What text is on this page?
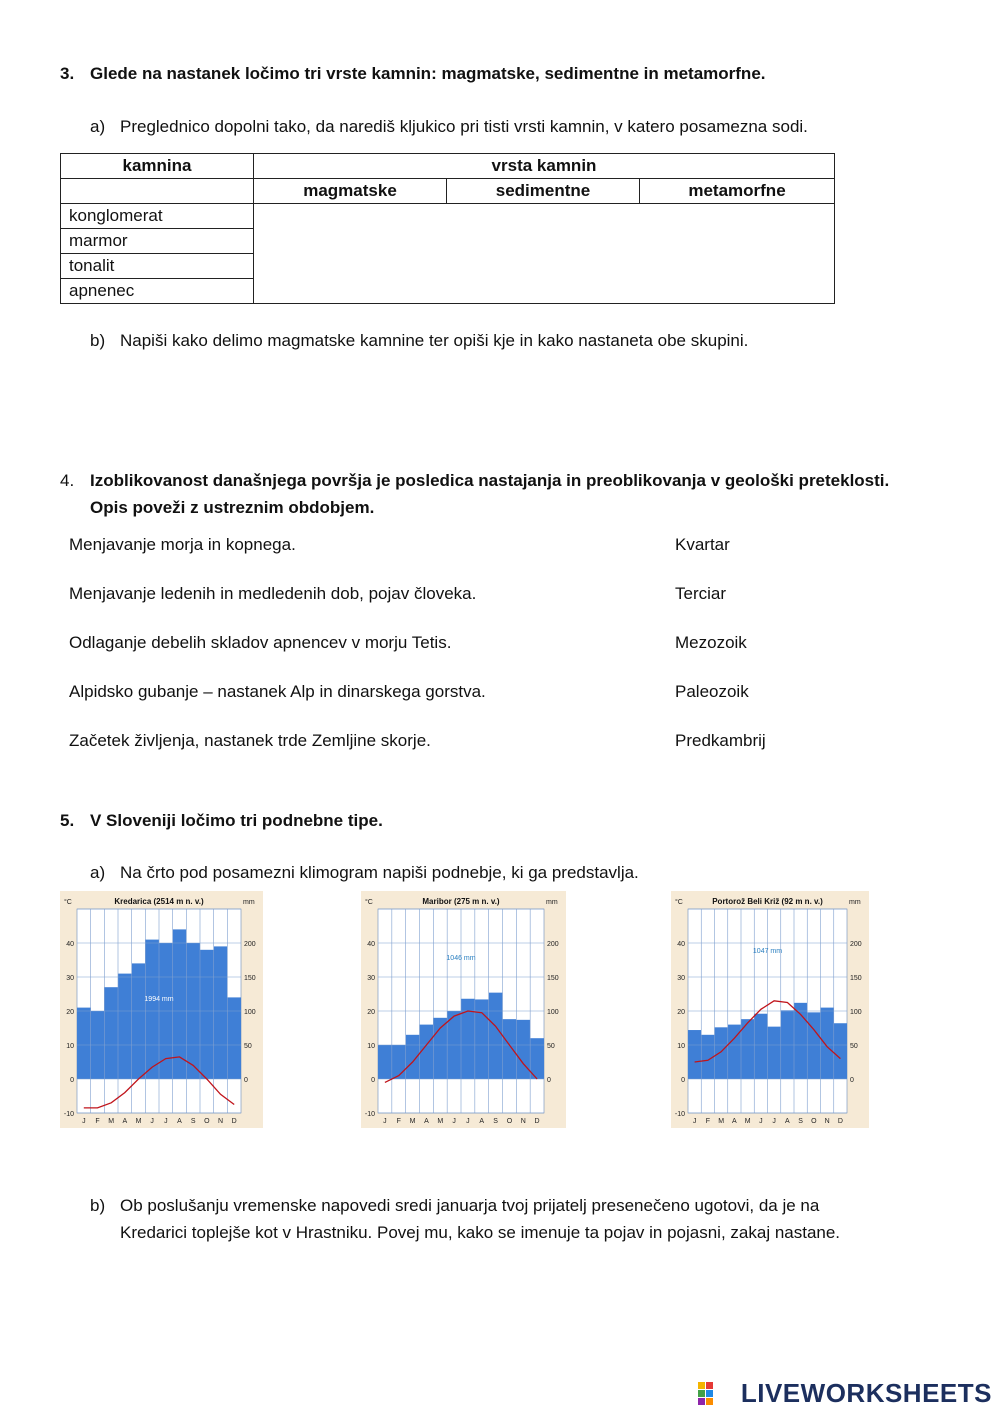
3. Glede na nastanek ločimo tri vrste kamnin: magmatske, sedimentne in metamorfne.
a) Preglednico dopolni tako, da narediš kljukico pri tisti vrsti kamnin, v katero posamezna sodi.
kamnina	vrsta kamnin		
	magmatske	sedimentne	metamorfne
konglomerat			
marmor			
tonalit			
apnenec			
b) Napiši kako delimo magmatske kamnine ter opiši kje in kako nastaneta obe skupini.
4. Izoblikovanost današnjega površja je posledica nastajanja in preoblikovanja v geološki preteklosti.
Opis poveži z ustreznim obdobjem.
Menjavanje morja in kopnega.	Kvartar
Menjavanje ledenih in medledenih dob, pojav človeka.	Terciar
Odlaganje debelih skladov apnencev v morju Tetis.	Mezozoik
Alpidsko gubanje – nastanek Alp in dinarskega gorstva.	Paleozoik
Začetek življenja, nastanek trde Zemljine skorje.	Predkambrij
5. V Sloveniji ločimo tri podnebne tipe.
a) Na črto pod posamezni klimogram napiši podnebje, ki ga predstavlja.
-10
0
10
20
30
40
0
50
100
150
200
°C	mm
Kredarica (2514 m n. v.)
J F M A M J J A S O N D
1994 mm
-10
0
10
20
30
40
0
50
100
150
200
°C	mm
Maribor (275 m n. v.)
J F M A M J J A S O N D
1046 mm
-10
0
10
20
30
40
0
50
100
150
200
°C	mm
Portorož Beli Križ (92 m n. v.)
J F M A M J J A S O N D
1047 mm
b) Ob poslušanju vremenske napovedi sredi januarja tvoj prijatelj presenečeno ugotovi, da je na
Kredarici toplejše kot v Hrastniku. Povej mu, kako se imenuje ta pojav in pojasni, zakaj nastane.
LIVEWORKSHEETS
